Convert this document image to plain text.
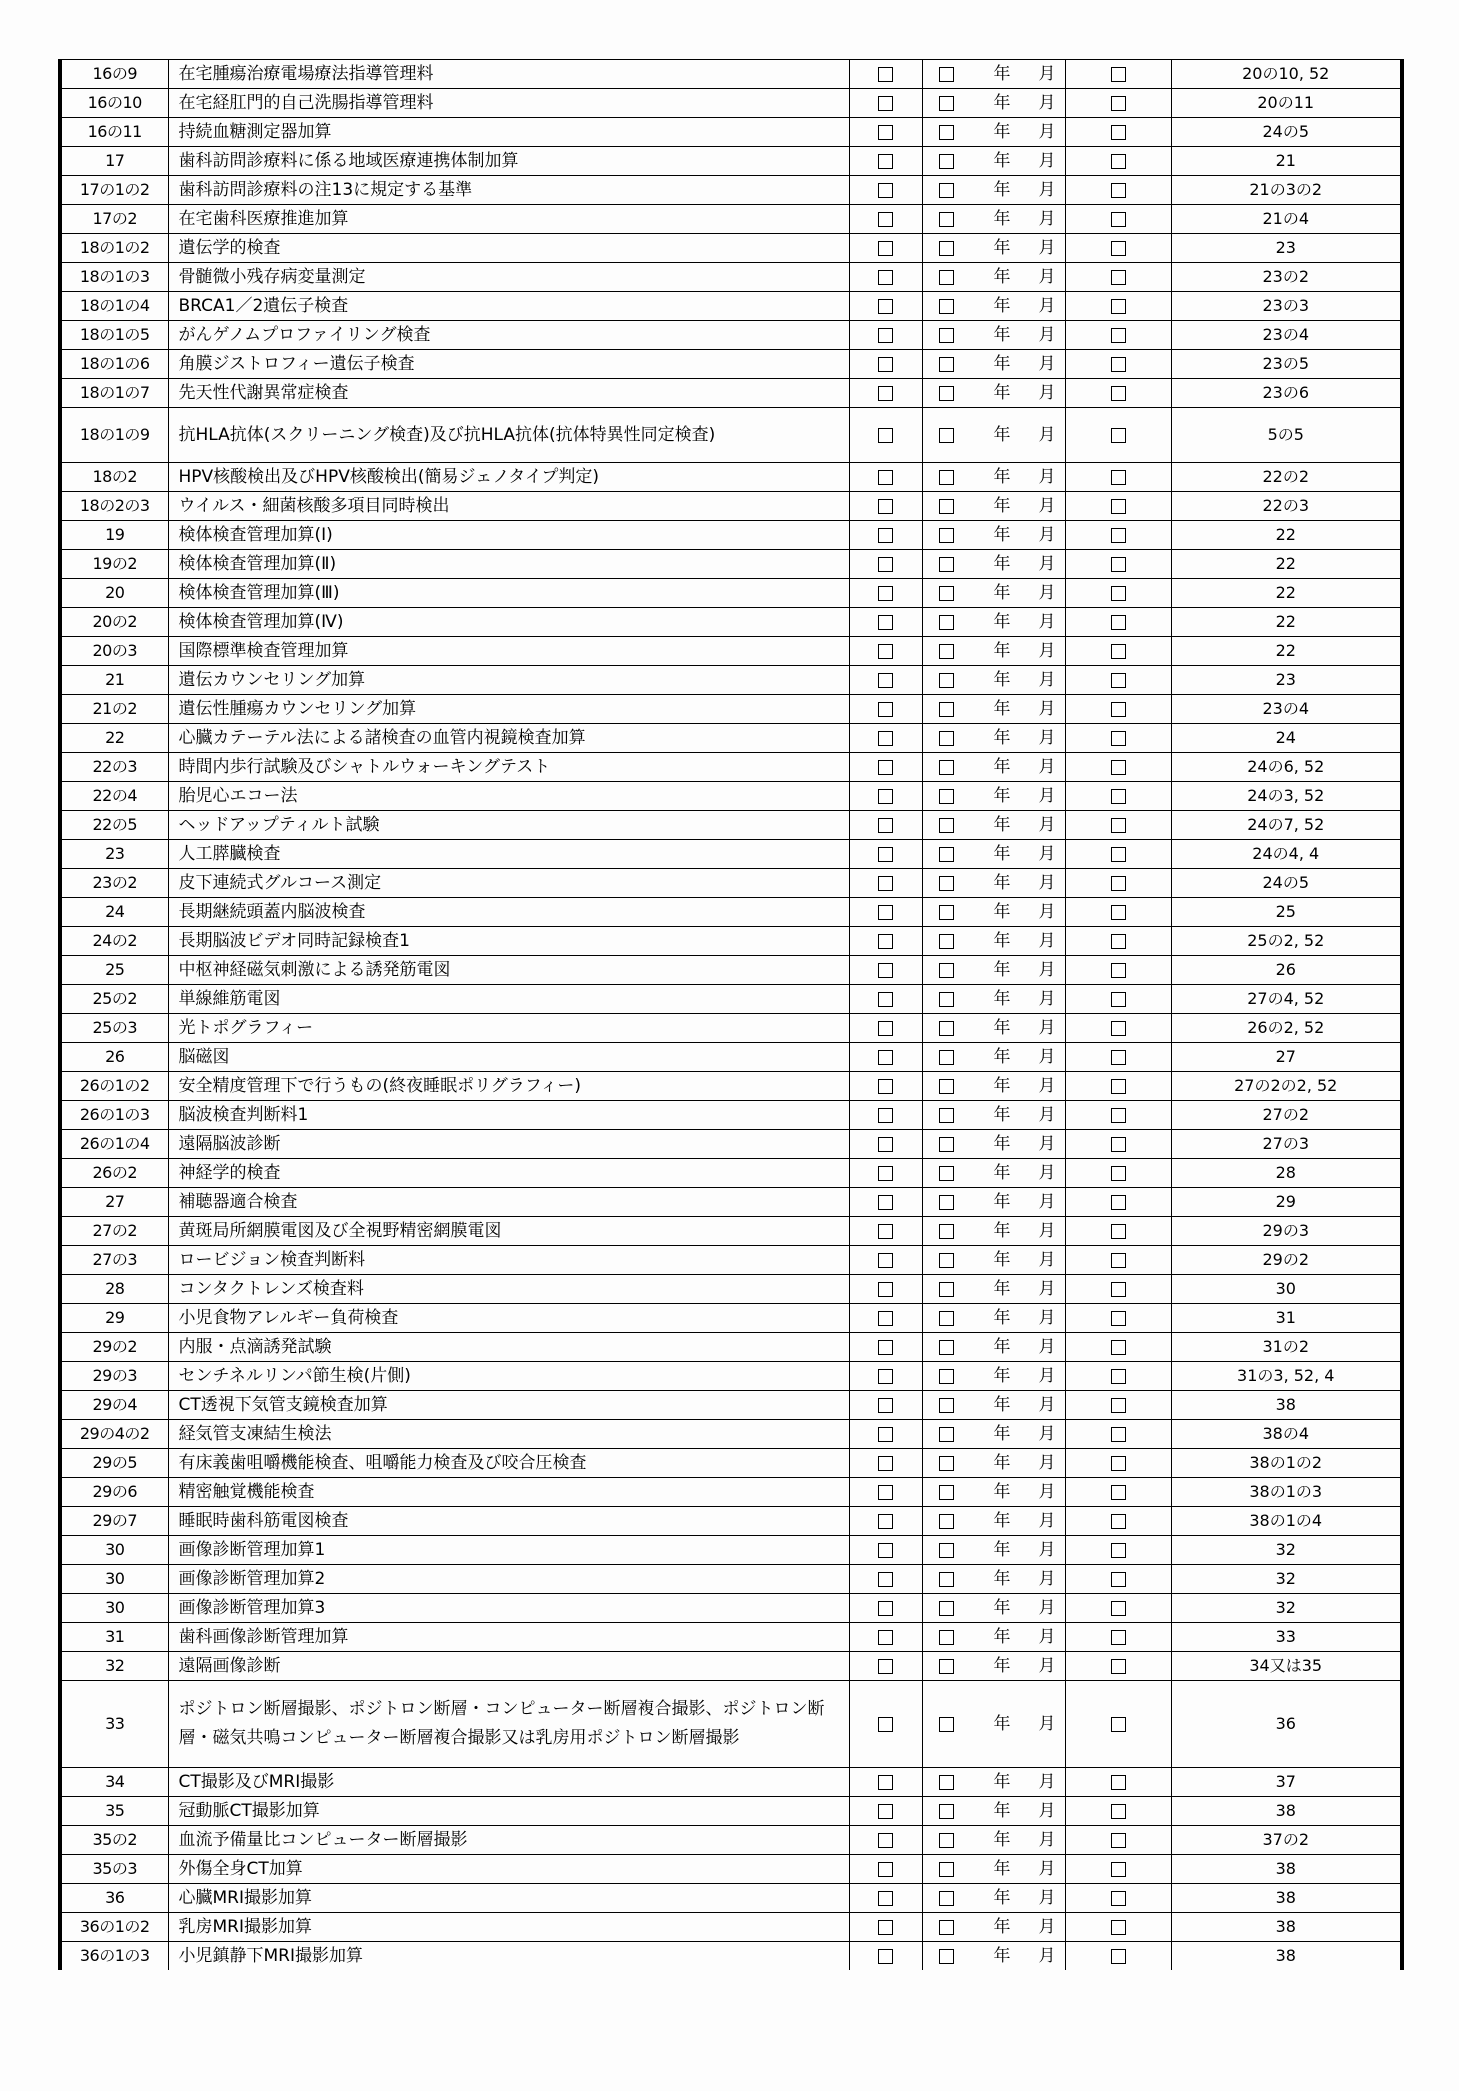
16の9	在宅腫瘍治療電場療法指導管理料		年 月		20の10, 52
16の10	在宅経肛門的自己洗腸指導管理料		年 月		20の11
16の11	持続血糖測定器加算		年 月		24の5
17	歯科訪問診療料に係る地域医療連携体制加算		年 月		21
17の1の2	歯科訪問診療料の注13に規定する基準		年 月		21の3の2
17の2	在宅歯科医療推進加算		年 月		21の4
18の1の2	遺伝学的検査		年 月		23
18の1の3	骨髄微小残存病変量測定		年 月		23の2
18の1の4	BRCA1／2遺伝子検査		年 月		23の3
18の1の5	がんゲノムプロファイリング検査		年 月		23の4
18の1の6	角膜ジストロフィー遺伝子検査		年 月		23の5
18の1の7	先天性代謝異常症検査		年 月		23の6
18の1の9	抗HLA抗体(スクリーニング検査)及び抗HLA抗体(抗体特異性同定検査)		年 月		5の5
18の2	HPV核酸検出及びHPV核酸検出(簡易ジェノタイプ判定)		年 月		22の2
18の2の3	ウイルス・細菌核酸多項目同時検出		年 月		22の3
19	検体検査管理加算(Ⅰ)		年 月		22
19の2	検体検査管理加算(Ⅱ)		年 月		22
20	検体検査管理加算(Ⅲ)		年 月		22
20の2	検体検査管理加算(Ⅳ)		年 月		22
20の3	国際標準検査管理加算		年 月		22
21	遺伝カウンセリング加算		年 月		23
21の2	遺伝性腫瘍カウンセリング加算		年 月		23の4
22	心臓カテーテル法による諸検査の血管内視鏡検査加算		年 月		24
22の3	時間内歩行試験及びシャトルウォーキングテスト		年 月		24の6, 52
22の4	胎児心エコー法		年 月		24の3, 52
22の5	ヘッドアップティルト試験		年 月		24の7, 52
23	人工膵臓検査		年 月		24の4, 4
23の2	皮下連続式グルコース測定		年 月		24の5
24	長期継続頭蓋内脳波検査		年 月		25
24の2	長期脳波ビデオ同時記録検査1		年 月		25の2, 52
25	中枢神経磁気刺激による誘発筋電図		年 月		26
25の2	単線維筋電図		年 月		27の4, 52
25の3	光トポグラフィー		年 月		26の2, 52
26	脳磁図		年 月		27
26の1の2	安全精度管理下で行うもの(終夜睡眠ポリグラフィー)		年 月		27の2の2, 52
26の1の3	脳波検査判断料1		年 月		27の2
26の1の4	遠隔脳波診断		年 月		27の3
26の2	神経学的検査		年 月		28
27	補聴器適合検査		年 月		29
27の2	黄斑局所網膜電図及び全視野精密網膜電図		年 月		29の3
27の3	ロービジョン検査判断料		年 月		29の2
28	コンタクトレンズ検査料		年 月		30
29	小児食物アレルギー負荷検査		年 月		31
29の2	内服・点滴誘発試験		年 月		31の2
29の3	センチネルリンパ節生検(片側)		年 月		31の3, 52, 4
29の4	CT透視下気管支鏡検査加算		年 月		38
29の4の2	経気管支凍結生検法		年 月		38の4
29の5	有床義歯咀嚼機能検査、咀嚼能力検査及び咬合圧検査		年 月		38の1の2
29の6	精密触覚機能検査		年 月		38の1の3
29の7	睡眠時歯科筋電図検査		年 月		38の1の4
30	画像診断管理加算1		年 月		32
30	画像診断管理加算2		年 月		32
30	画像診断管理加算3		年 月		32
31	歯科画像診断管理加算		年 月		33
32	遠隔画像診断		年 月		34又は35
33	ポジトロン断層撮影、ポジトロン断層・コンピューター断層複合撮影、ポジトロン断層・磁気共鳴コンピューター断層複合撮影又は乳房用ポジトロン断層撮影		年 月		36
34	CT撮影及びMRI撮影		年 月		37
35	冠動脈CT撮影加算		年 月		38
35の2	血流予備量比コンピューター断層撮影		年 月		37の2
35の3	外傷全身CT加算		年 月		38
36	心臓MRI撮影加算		年 月		38
36の1の2	乳房MRI撮影加算		年 月		38
36の1の3	小児鎮静下MRI撮影加算		年 月		38
